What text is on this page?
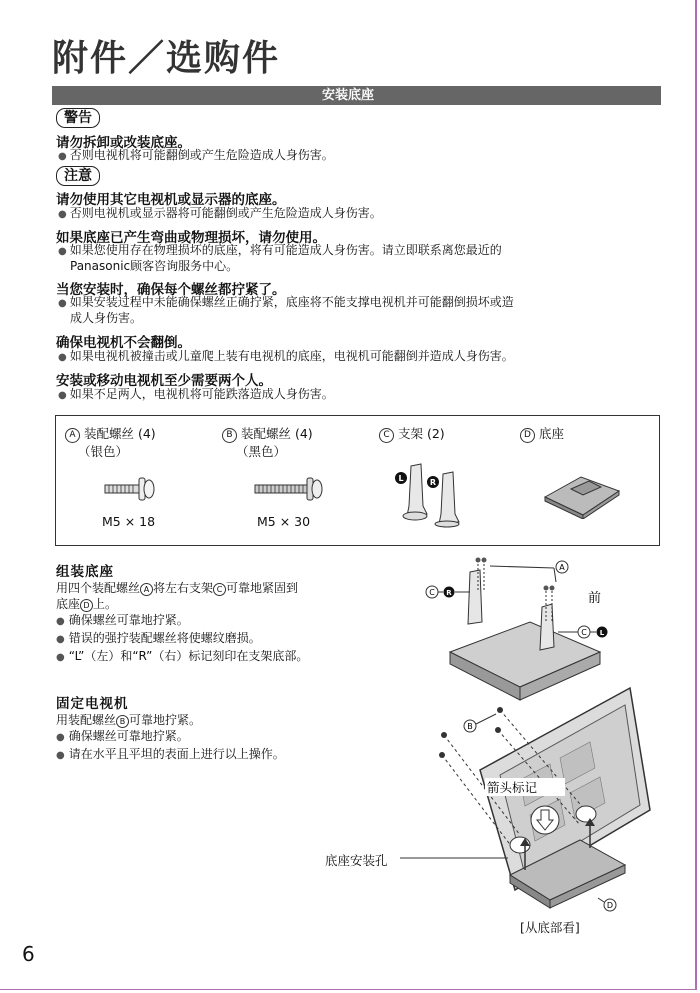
附件／选购件
安装底座
警告
请勿拆卸或改装底座。
● 否则电视机将可能翻倒或产生危险造成人身伤害。
注意
请勿使用其它电视机或显示器的底座。
● 否则电视机或显示器将可能翻倒或产生危险造成人身伤害。
如果底座已产生弯曲或物理损坏，请勿使用。
● 如果您使用存在物理损坏的底座，将有可能造成人身伤害。请立即联系离您最近的
Panasonic顾客咨询服务中心。
当您安装时，确保每个螺丝都拧紧了。
● 如果安装过程中未能确保螺丝正确拧紧，底座将不能支撑电视机并可能翻倒损坏或造
成人身伤害。
确保电视机不会翻倒。
● 如果电视机被撞击或儿童爬上装有电视机的底座，电视机可能翻倒并造成人身伤害。
安装或移动电视机至少需要两个人。
● 如果不足两人，电视机将可能跌落造成人身伤害。
A 装配螺丝 (4)
（银色）
B 装配螺丝 (4)
（黑色）
C 支架 (2)	D 底座
M5 × 18	M5 × 30
L	R
组装底座
用四个装配螺丝 A 将左右支架 C 可靠地紧固到
底座 D 上。
● 确保螺丝可靠地拧紧。
● 错误的强拧装配螺丝将使螺纹磨损。
● “L”（左）和“R”（右）标记刻印在支架底部。
A
C R	前
C L
固定电视机
用装配螺丝 B 可靠地拧紧。
● 确保螺丝可靠地拧紧。
● 请在水平且平坦的表面上进行以上操作。
B
箭头标记
D
底座安装孔
[从底部看]
6
